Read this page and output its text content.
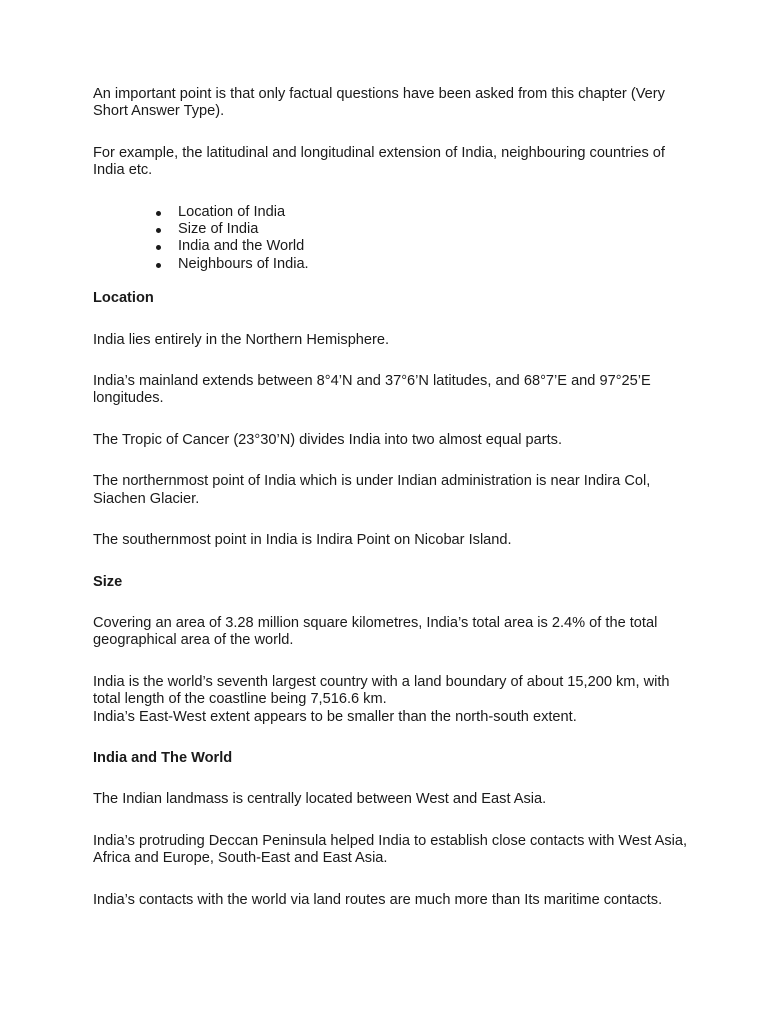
An important point is that only factual questions have been asked from this chapter (Very Short Answer Type).

For example, the latitudinal and longitudinal extension of India, neighbouring countries of India etc.

Location of India
Size of India
India and the World
Neighbours of India.
Location

India lies entirely in the Northern Hemisphere.

India’s mainland extends between 8°4’N and 37°6’N latitudes, and 68°7’E and 97°25’E longitudes.

The Tropic of Cancer (23°30’N) divides India into two almost equal parts.

The northernmost point of India which is under Indian administration is near Indira Col, Siachen Glacier.

The southernmost point in India is Indira Point on Nicobar Island.

Size

Covering an area of 3.28 million square kilometres, India’s total area is 2.4% of the total geographical area of the world.

India is the world’s seventh largest country with a land boundary of about 15,200 km, with total length of the coastline being 7,516.6 km.

India’s East-West extent appears to be smaller than the north-south extent.

India and The World

The Indian landmass is centrally located between West and East Asia.

India’s protruding Deccan Peninsula helped India to establish close contacts with West Asia, Africa and Europe, South-East and East Asia.

India’s contacts with the world via land routes are much more than Its maritime contacts.
